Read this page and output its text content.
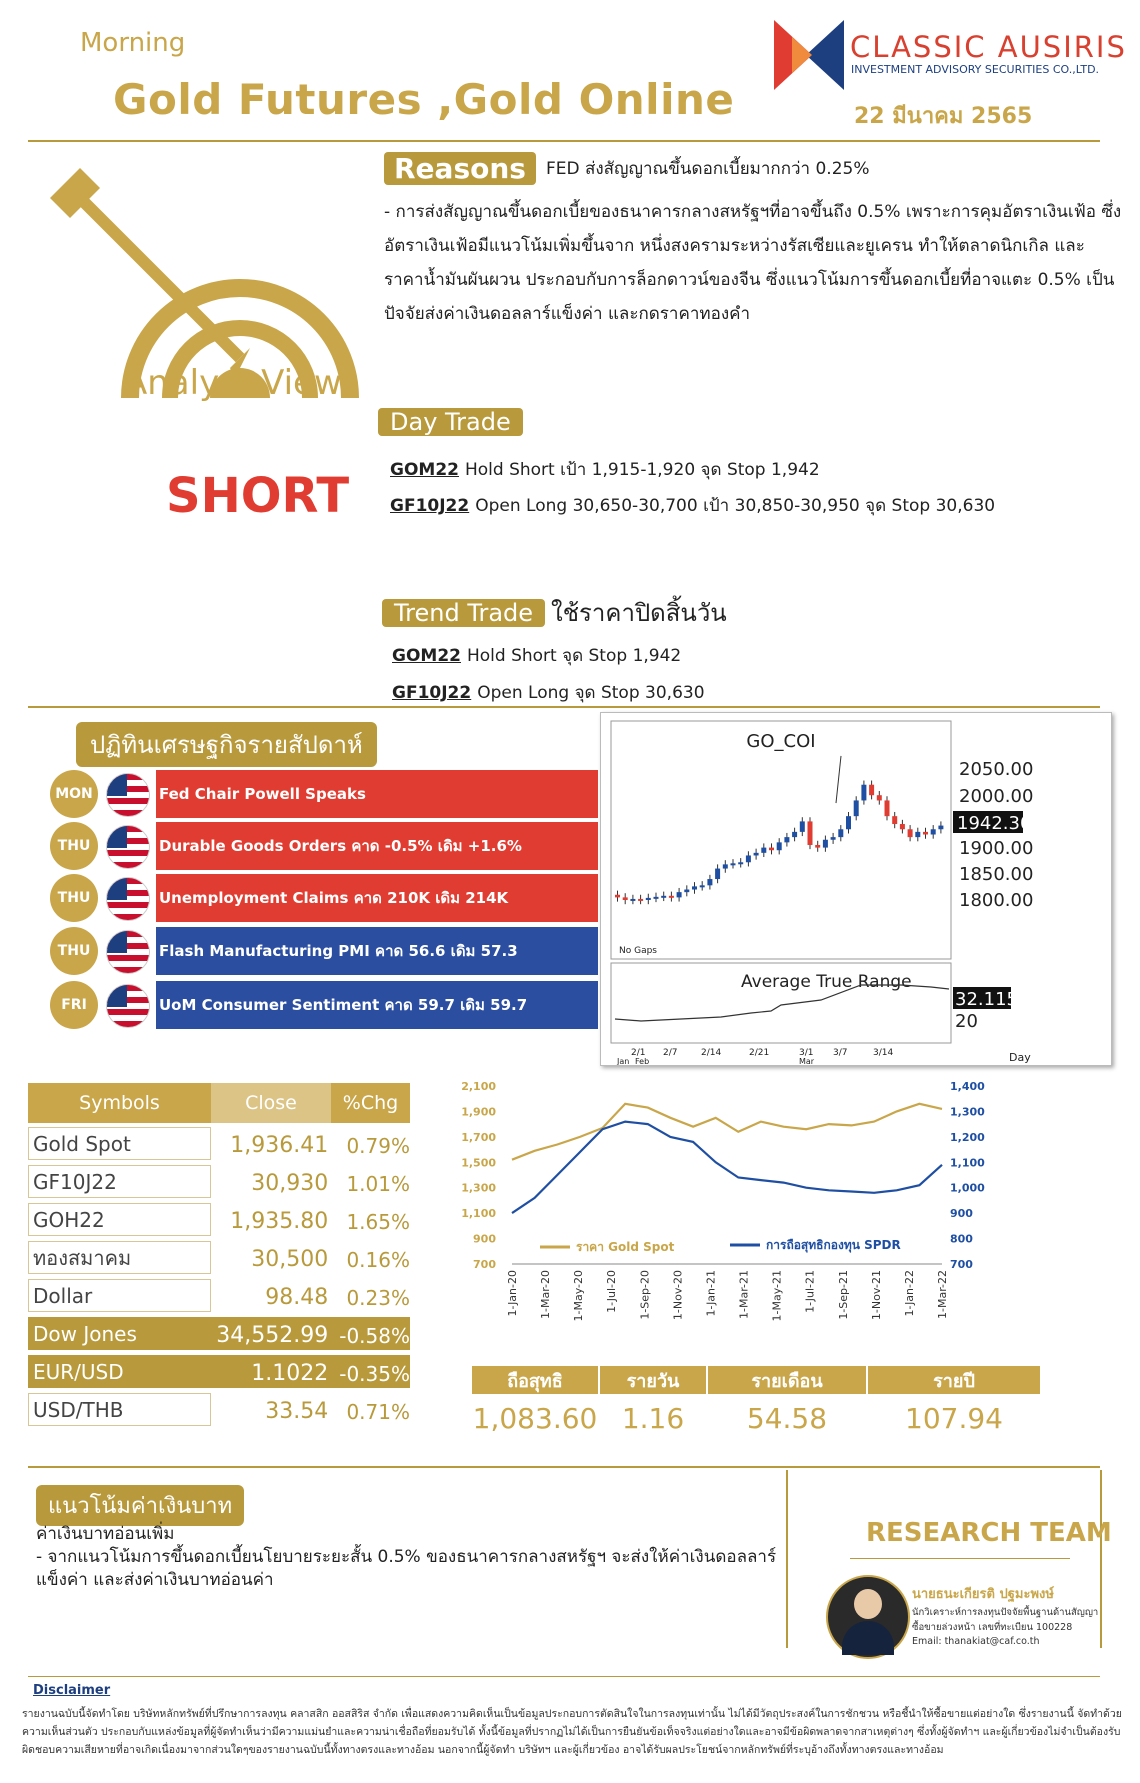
Morning
Gold Futures ,Gold Online
CLASSIC AUSIRIS
INVESTMENT ADVISORY SECURITIES CO.,LTD.
22 มีนาคม 2565
Analyst Views
SHORT
Reasons	FED ส่งสัญญาณขึ้นดอกเบี้ยมากกว่า 0.25%
- การส่งสัญญาณขึ้นดอกเบี้ยของธนาคารกลางสหรัฐฯที่อาจขึ้นถึง 0.5% เพราะการคุมอัตราเงินเฟ้อ ซึ่งอัตราเงินเฟ้อมีแนวโน้มเพิ่มขึ้นจาก หนึ่งสงครามระหว่างรัสเซียและยูเครน ทำให้ตลาดนิกเกิล และราคาน้ำมันผันผวน ประกอบกับการล็อกดาวน์ของจีน ซึ่งแนวโน้มการขึ้นดอกเบี้ยที่อาจแตะ 0.5% เป็นปัจจัยส่งค่าเงินดอลลาร์แข็งค่า และกดราคาทองคำ
Day Trade
GOM22 Hold Short เป้า 1,915-1,920 จุด Stop 1,942
GF10J22 Open Long 30,650-30,700 เป้า 30,850-30,950 จุด Stop 30,630
Trend Trade ใช้ราคาปิดสิ้นวัน
GOM22 Hold Short จุด Stop 1,942
GF10J22 Open Long จุด Stop 30,630
ปฏิทินเศรษฐกิจรายสัปดาห์
MON	Fed Chair Powell Speaks
THU	Durable Goods Orders คาด -0.5% เดิม +1.6%
THU	Unemployment Claims คาด 210K เดิม 214K
THU	Flash Manufacturing PMI คาด 56.6 เดิม 57.3
FRI	UoM Consumer Sentiment คาด 59.7 เดิม 59.7
GO_COI
No Gaps
2050.00
2000.00
1900.00
1850.00
1800.00
1942.30
Average True Range
32.115
20
2/1 2/7	2/14	2/21	3/1 3/7	3/14
Jan Feb	Mar	Day
Symbols	Close	%Chg
Gold Spot	1,936.41 0.79%
GF10J22	30,930 1.01%
GOH22	1,935.80 1.65%
ทองสมาคม	30,500 0.16%
Dollar	98.48 0.23%
Dow Jones	34,552.99 -0.58%
EUR/USD	1.1022 -0.35%
USD/THB	33.54 0.71%
2,100
1,900
1,700
1,500
1,300
1,100
900
700
1,400
1,300
1,200
1,100
1,000
900
800
700
1-Jan-20 1-Mar-20 1-May-20 1-Jul-20 1-Sep-20 1-Nov-20 1-Jan-21 1-Mar-21 1-May-21 1-Jul-21 1-Sep-21 1-Nov-21 1-Jan-22 1-Mar-22
ราคา Gold Spot	การถือสุทธิกองทุน SPDR
ถือสุทธิ
1,083.60
รายวัน
1.16
รายเดือน
54.58
รายปี
107.94
แนวโน้มค่าเงินบาท
ค่าเงินบาทอ่อนเพิ่ม
- จากแนวโน้มการขึ้นดอกเบี้ยนโยบายระยะสั้น 0.5% ของธนาคารกลางสหรัฐฯ จะส่งให้ค่าเงินดอลลาร์แข็งค่า และส่งค่าเงินบาทอ่อนค่า
RESEARCH TEAM
นายธนะเกียรติ ปฐมะพงษ์
นักวิเคราะห์การลงทุนปัจจัยพื้นฐานด้านสัญญาซื้อขายล่วงหน้า เลขที่ทะเบียน 100228
Email: thanakiat@caf.co.th
Disclaimer
รายงานฉบับนี้จัดทำโดย บริษัทหลักทรัพย์ที่ปรึกษาการลงทุน คลาสสิก ออสสิริส จำกัด เพื่อแสดงความคิดเห็นเป็นข้อมูลประกอบการตัดสินใจในการลงทุนเท่านั้น ไม่ได้มีวัตถุประสงค์ในการชักชวน หรือชี้นำให้ซื้อขายแต่อย่างใด ซึ่งรายงานนี้ จัดทำด้วยความเห็นส่วนตัว ประกอบกับแหล่งข้อมูลที่ผู้จัดทำเห็นว่ามีความแม่นยำและความน่าเชื่อถือที่ยอมรับได้ ทั้งนี้ข้อมูลที่ปรากฏไม่ได้เป็นการยืนยันข้อเท็จจริงแต่อย่างใดและอาจมีข้อผิดพลาดจากสาเหตุต่างๆ ซึ่งทั้งผู้จัดทำฯ และผู้เกี่ยวข้องไม่จำเป็นต้องรับผิดชอบความเสียหายที่อาจเกิดเนื่องมาจากส่วนใดๆของรายงานฉบับนี้ทั้งทางตรงและทางอ้อม นอกจากนี้ผู้จัดทำ บริษัทฯ และผู้เกี่ยวข้อง อาจได้รับผลประโยชน์จากหลักทรัพย์ที่ระบุอ้างถึงทั้งทางตรงและทางอ้อม
